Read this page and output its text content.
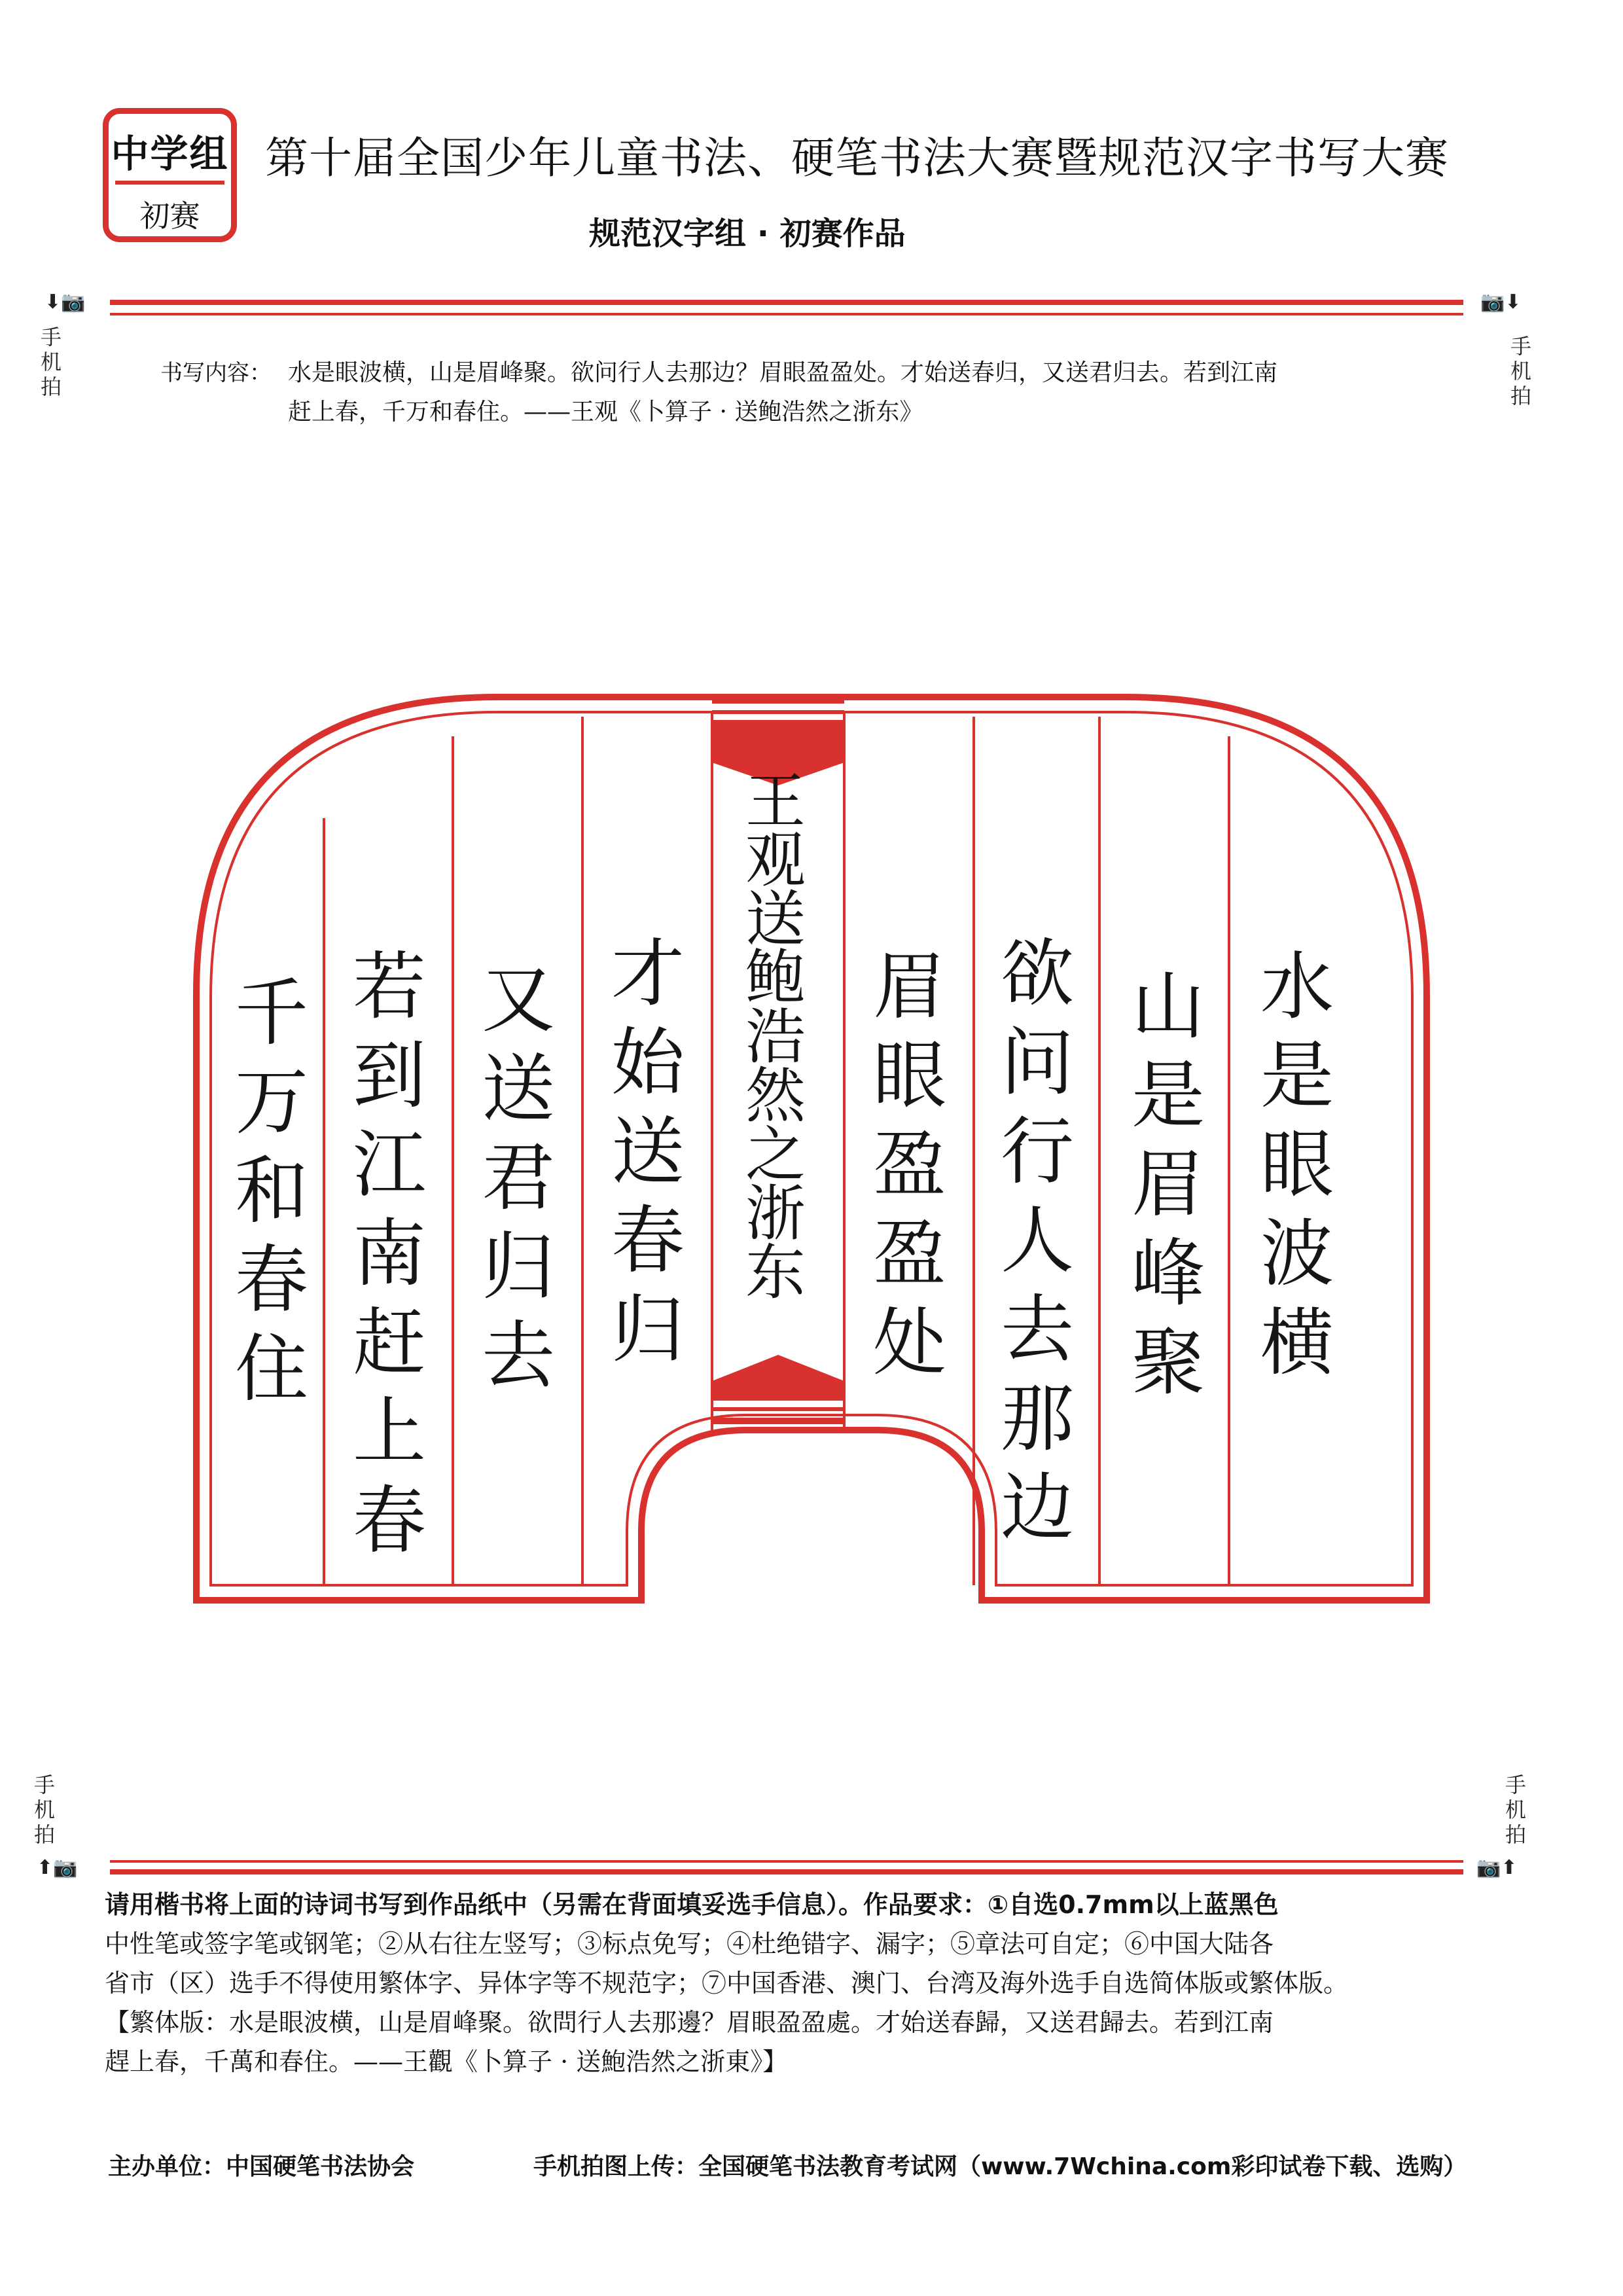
中学组
初赛
第十届全国少年儿童书法、硬笔书法大赛暨规范汉字书写大赛
规范汉字组 · 初赛作品
⬇📷	📷⬇
⬆📷	📷⬆
手
机
拍
手
机
拍
手
机
拍
手
机
拍
书写内容： 水是眼波横，山是眉峰聚。欲问行人去那边？眉眼盈盈处。才始送春归，又送君归去。若到江南
赶上春，千万和春住。——王观《卜算子 · 送鲍浩然之浙东》
水
是
眼
波
横
山
是
眉
峰
聚
欲
问
行
人
去
那
边
眉
眼
盈
盈
处
才
始
送
春
归
又
送
君
归
去
若
到
江
南
赶
上
春
千
万
和
春
住
王
观
送
鲍
浩
然
之
浙
东
请用楷书将上面的诗词书写到作品纸中（另需在背面填妥选手信息）。作品要求：①自选0.7mm以上蓝黑色
中性笔或签字笔或钢笔；②从右往左竖写；③标点免写；④杜绝错字、漏字；⑤章法可自定；⑥中国大陆各
省市（区）选手不得使用繁体字、异体字等不规范字；⑦中国香港、澳门、台湾及海外选手自选简体版或繁体版。
【繁体版：水是眼波横，山是眉峰聚。欲問行人去那邊？眉眼盈盈處。才始送春歸，又送君歸去。若到江南
趕上春，千萬和春住。——王觀《卜算子 · 送鮑浩然之浙東》】
主办单位：中国硬笔书法协会	手机拍图上传：全国硬笔书法教育考试网（www.7Wchina.com彩印试卷下载、选购）
